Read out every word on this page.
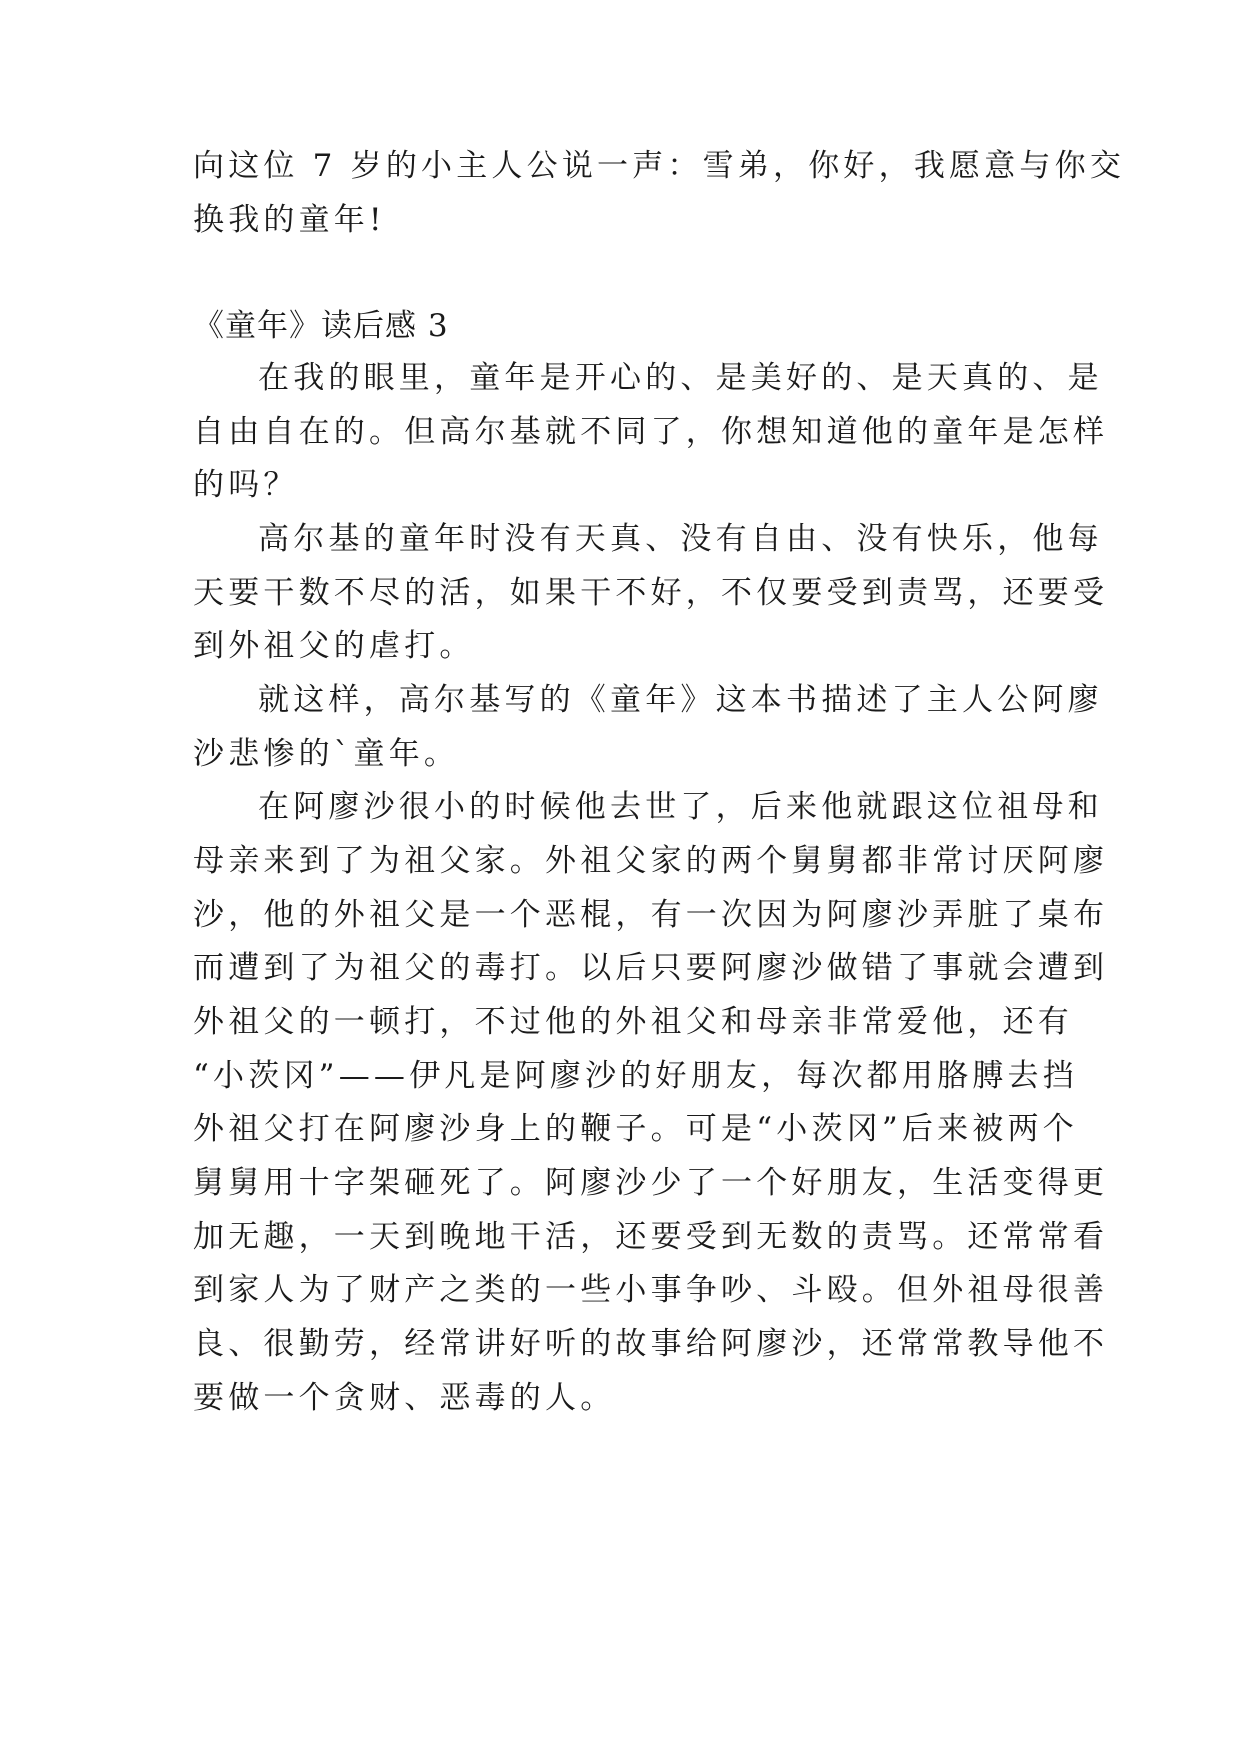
向这位 7 岁的小主人公说一声：雪弟，你好，我愿意与你交
换我的童年!
《童年》读后感 3
在我的眼里，童年是开心的、是美好的、是天真的、是
自由自在的。但高尔基就不同了，你想知道他的童年是怎样
的吗？
高尔基的童年时没有天真、没有自由、没有快乐，他每
天要干数不尽的活，如果干不好，不仅要受到责骂，还要受
到外祖父的虐打。
就这样，高尔基写的《童年》这本书描述了主人公阿廖
沙悲惨的`童年。
在阿廖沙很小的时候他去世了，后来他就跟这位祖母和
母亲来到了为祖父家。外祖父家的两个舅舅都非常讨厌阿廖
沙，他的外祖父是一个恶棍，有一次因为阿廖沙弄脏了桌布
而遭到了为祖父的毒打。以后只要阿廖沙做错了事就会遭到
外祖父的一顿打，不过他的外祖父和母亲非常爱他，还有
“小茨冈”——伊凡是阿廖沙的好朋友，每次都用胳膊去挡
外祖父打在阿廖沙身上的鞭子。可是“小茨冈”后来被两个
舅舅用十字架砸死了。阿廖沙少了一个好朋友，生活变得更
加无趣，一天到晚地干活，还要受到无数的责骂。还常常看
到家人为了财产之类的一些小事争吵、斗殴。但外祖母很善
良、很勤劳，经常讲好听的故事给阿廖沙，还常常教导他不
要做一个贪财、恶毒的人。
